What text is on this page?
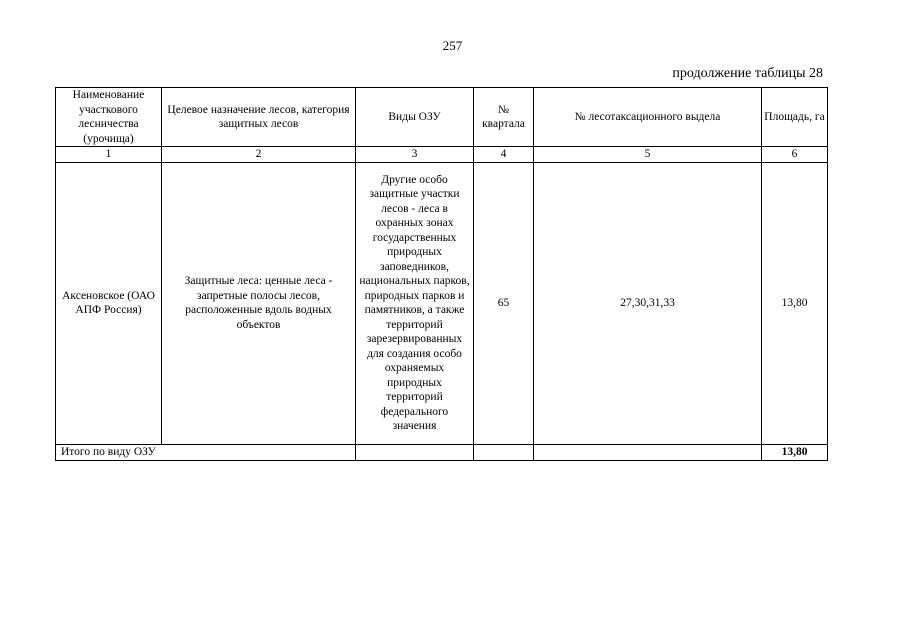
257
продолжение таблицы 28
Наименование участкового лесничества (урочища)	Целевое назначение лесов, категория защитных лесов	Виды ОЗУ	№ квартала	№ лесотаксационного выдела	Площадь, га
1	2	3	4	5	6
Аксеновское (ОАО АПФ Россия)	Защитные леса: ценные леса - запретные полосы лесов, расположенные вдоль водных объектов	Другие особо защитные участки лесов - леса в охранных зонах государственных природных заповедников, национальных парков, природных парков и памятников, а также территорий зарезервированных для создания особо охраняемых природных территорий федерального значения	65	27,30,31,33	13,80
Итого по виду ОЗУ					13,80
